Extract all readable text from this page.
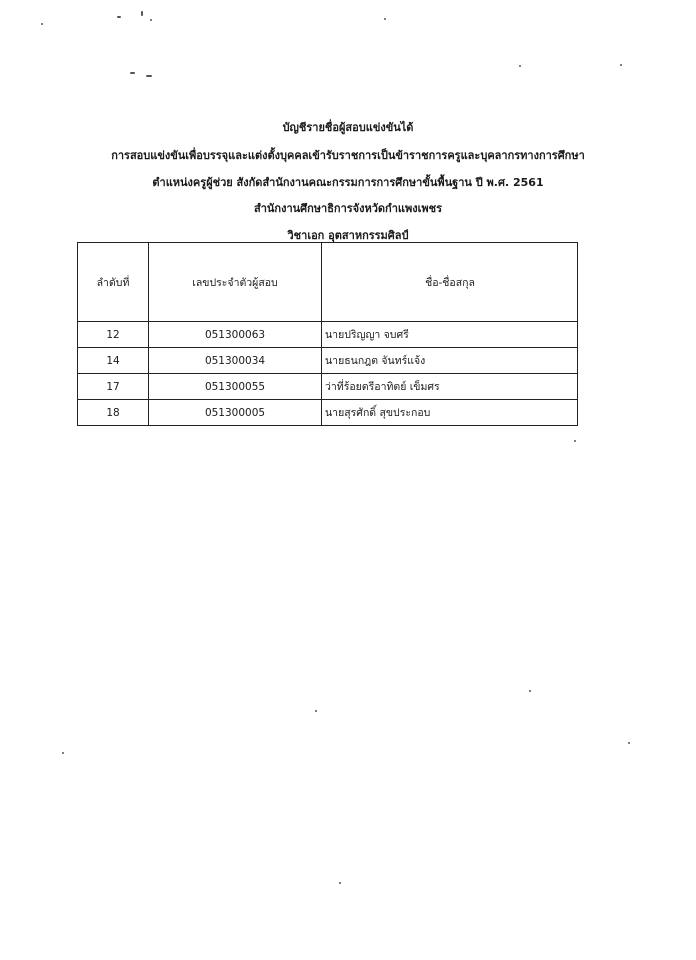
บัญชีรายชื่อผู้สอบแข่งขันได้
การสอบแข่งขันเพื่อบรรจุและแต่งตั้งบุคคลเข้ารับราชการเป็นข้าราชการครูและบุคลากรทางการศึกษา
ตำแหน่งครูผู้ช่วย สังกัดสำนักงานคณะกรรมการการศึกษาขั้นพื้นฐาน ปี พ.ศ. 2561
สำนักงานศึกษาธิการจังหวัดกำแพงเพชร
วิชาเอก อุตสาหกรรมศิลป์
ลำดับที่	เลขประจำตัวผู้สอบ	ชื่อ-ชื่อสกุล
12	051300063	นายปริญญา จบศรี
14	051300034	นายธนกฎต จันทร์แจ้ง
17	051300055	ว่าที่ร้อยตรีอาทิตย์ เข็มศร
18	051300005	นายสุรศักดิ์ สุขประกอบ
